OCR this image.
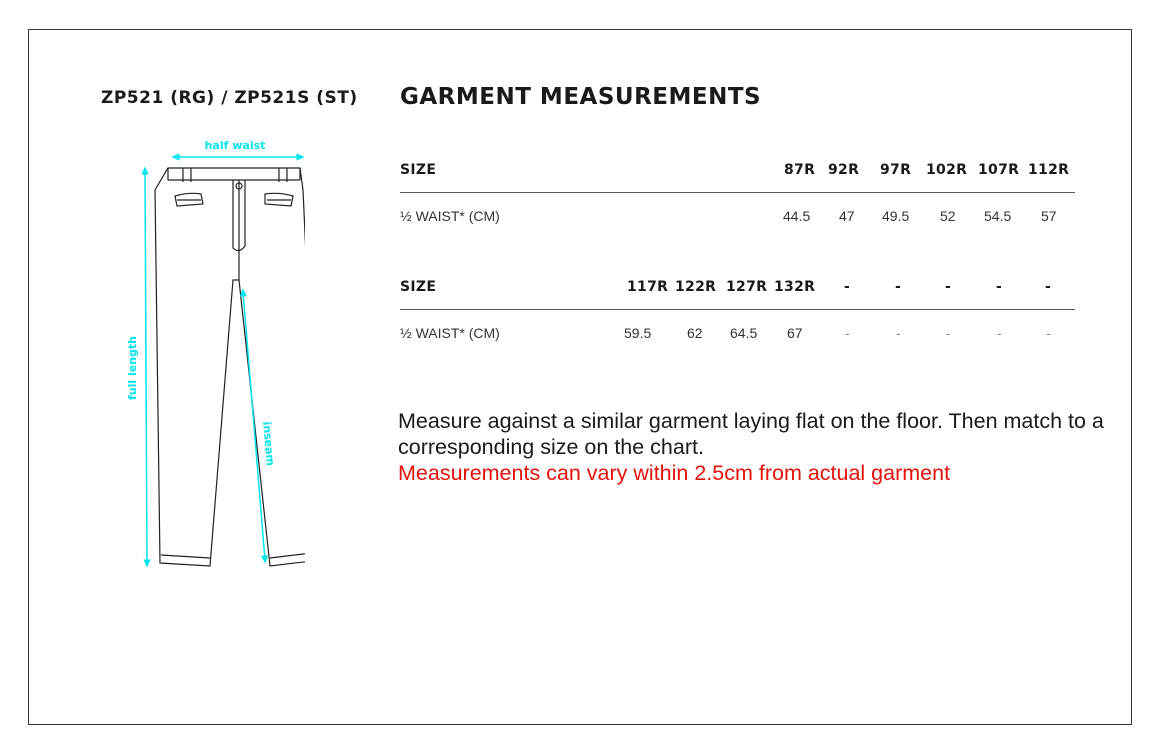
ZP521 (RG) / ZP521S (ST) GARMENT MEASUREMENTS
half waist
full length
inseam
SIZE	87R 92R 97R 102R 107R 112R
½ WAIST* (CM)	44.5 47 49.5 52 54.5 57
SIZE	117R 122R 127R 132R -	-	-	-	-
½ WAIST* (CM)	59.5	62 64.5 67	-	-	-	-	-
Measure against a similar garment laying flat on the floor. Then match to a corresponding size on the chart.
Measurements can vary within 2.5cm from actual garment
